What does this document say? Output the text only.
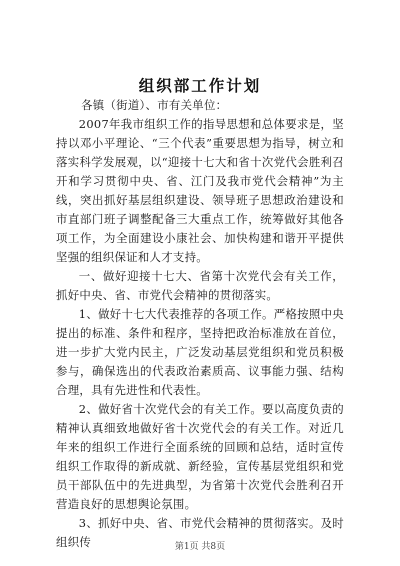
组织部工作计划

各镇（街道）、市有关单位：

2007年我市组织工作的指导思想和总体要求是，坚持以邓小平理论、“三个代表”重要思想为指导，树立和落实科学发展观，以“迎接十七大和省十次党代会胜利召开和学习贯彻中央、省、江门及我市党代会精神”为主线，突出抓好基层组织建设、领导班子思想政治建设和市直部门班子调整配备三大重点工作，统筹做好其他各项工作，为全面建设小康社会、加快构建和谐开平提供坚强的组织保证和人才支持。

一、做好迎接十七大、省第十次党代会有关工作，抓好中央、省、市党代会精神的贯彻落实。

1、做好十七大代表推荐的各项工作。严格按照中央提出的标准、条件和程序，坚持把政治标准放在首位，进一步扩大党内民主，广泛发动基层党组织和党员积极参与，确保选出的代表政治素质高、议事能力强、结构合理，具有先进性和代表性。

2、做好省十次党代会的有关工作。要以高度负责的精神认真细致地做好省十次党代会的有关工作。对近几年来的组织工作进行全面系统的回顾和总结，适时宣传组织工作取得的新成就、新经验，宣传基层党组织和党员干部队伍中的先进典型，为省第十次党代会胜利召开营造良好的思想舆论氛围。

3、抓好中央、省、市党代会精神的贯彻落实。及时组织传	第1页 共8页
